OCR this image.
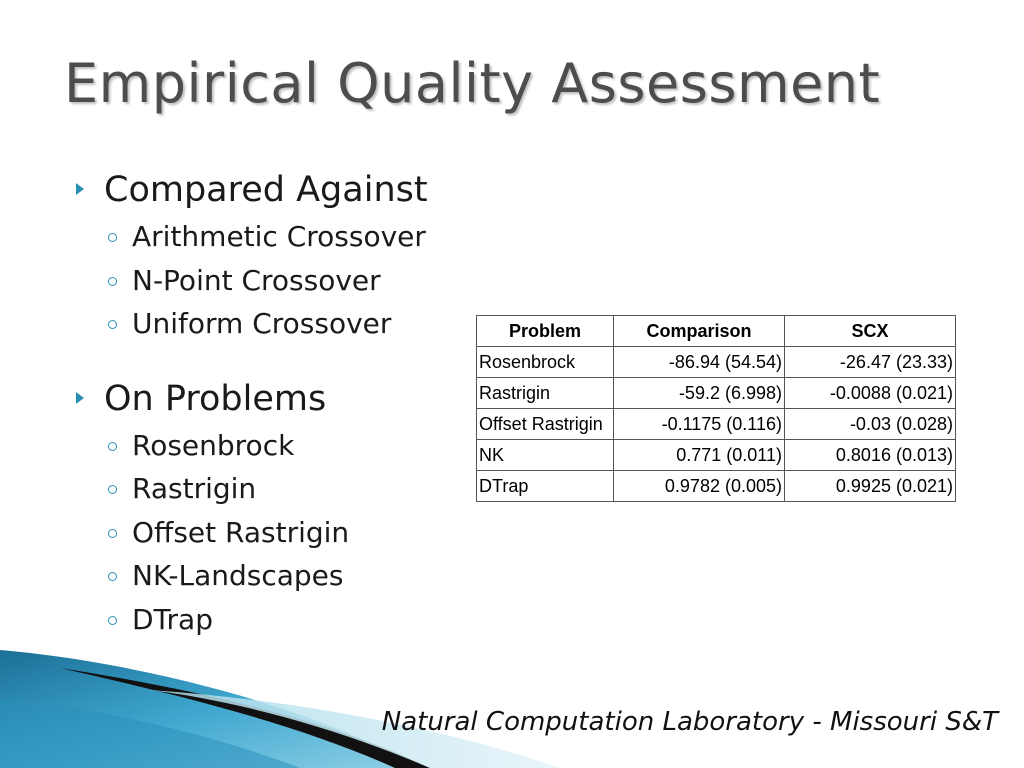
Empirical Quality Assessment
Compared Against
Arithmetic Crossover
N-Point Crossover
Uniform Crossover
On Problems
Rosenbrock
Rastrigin
Offset Rastrigin
NK-Landscapes
DTrap
Problem	Comparison	SCX
Rosenbrock	-86.94 (54.54)	-26.47 (23.33)
Rastrigin	-59.2 (6.998)	-0.0088 (0.021)
Offset Rastrigin	-0.1175 (0.116)	-0.03 (0.028)
NK	0.771 (0.011)	0.8016 (0.013)
DTrap	0.9782 (0.005)	0.9925 (0.021)
Natural Computation Laboratory - Missouri S&T
